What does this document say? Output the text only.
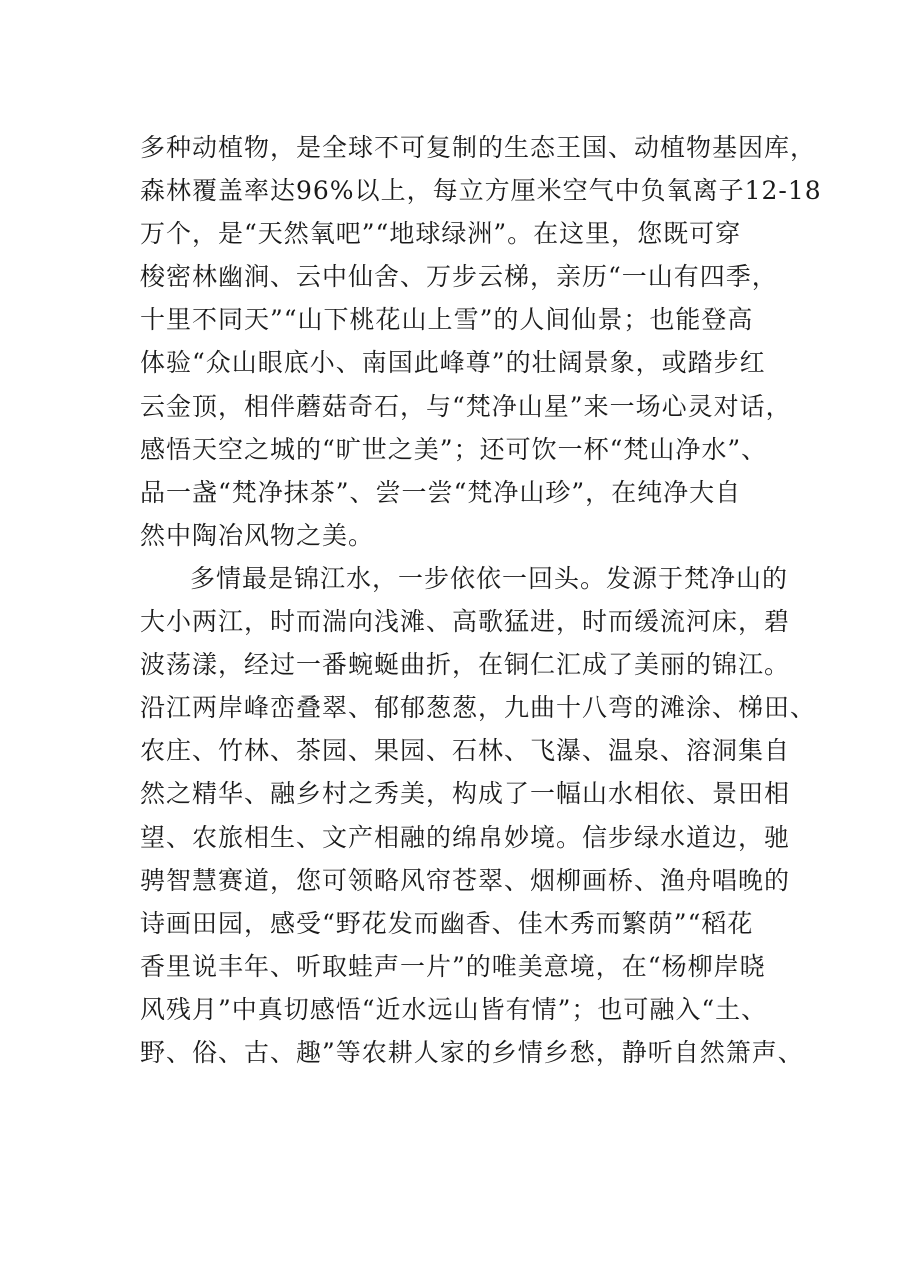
多种动植物，是全球不可复制的生态王国、动植物基因库，
森林覆盖率达96%以上，每立方厘米空气中负氧离子12-18
万个，是“天然氧吧”“地球绿洲”。在这里，您既可穿
梭密林幽涧、云中仙舍、万步云梯，亲历“一山有四季，
十里不同天”“山下桃花山上雪”的人间仙景；也能登高
体验“众山眼底小、南国此峰尊”的壮阔景象，或踏步红
云金顶，相伴蘑菇奇石，与“梵净山星”来一场心灵对话，
感悟天空之城的“旷世之美”；还可饮一杯“梵山净水”、
品一盏“梵净抹茶”、尝一尝“梵净山珍”，在纯净大自
然中陶冶风物之美。
多情最是锦江水，一步依依一回头。发源于梵净山的
大小两江，时而湍向浅滩、高歌猛进，时而缓流河床，碧
波荡漾，经过一番蜿蜒曲折，在铜仁汇成了美丽的锦江。
沿江两岸峰峦叠翠、郁郁葱葱，九曲十八弯的滩涂、梯田、
农庄、竹林、茶园、果园、石林、飞瀑、温泉、溶洞集自
然之精华、融乡村之秀美，构成了一幅山水相依、景田相
望、农旅相生、文产相融的绵帛妙境。信步绿水道边，驰
骋智慧赛道，您可领略风帘苍翠、烟柳画桥、渔舟唱晚的
诗画田园，感受“野花发而幽香、佳木秀而繁荫”“稻花
香里说丰年、听取蛙声一片”的唯美意境，在“杨柳岸晓
风残月”中真切感悟“近水远山皆有情”；也可融入“土、
野、俗、古、趣”等农耕人家的乡情乡愁，静听自然箫声、
